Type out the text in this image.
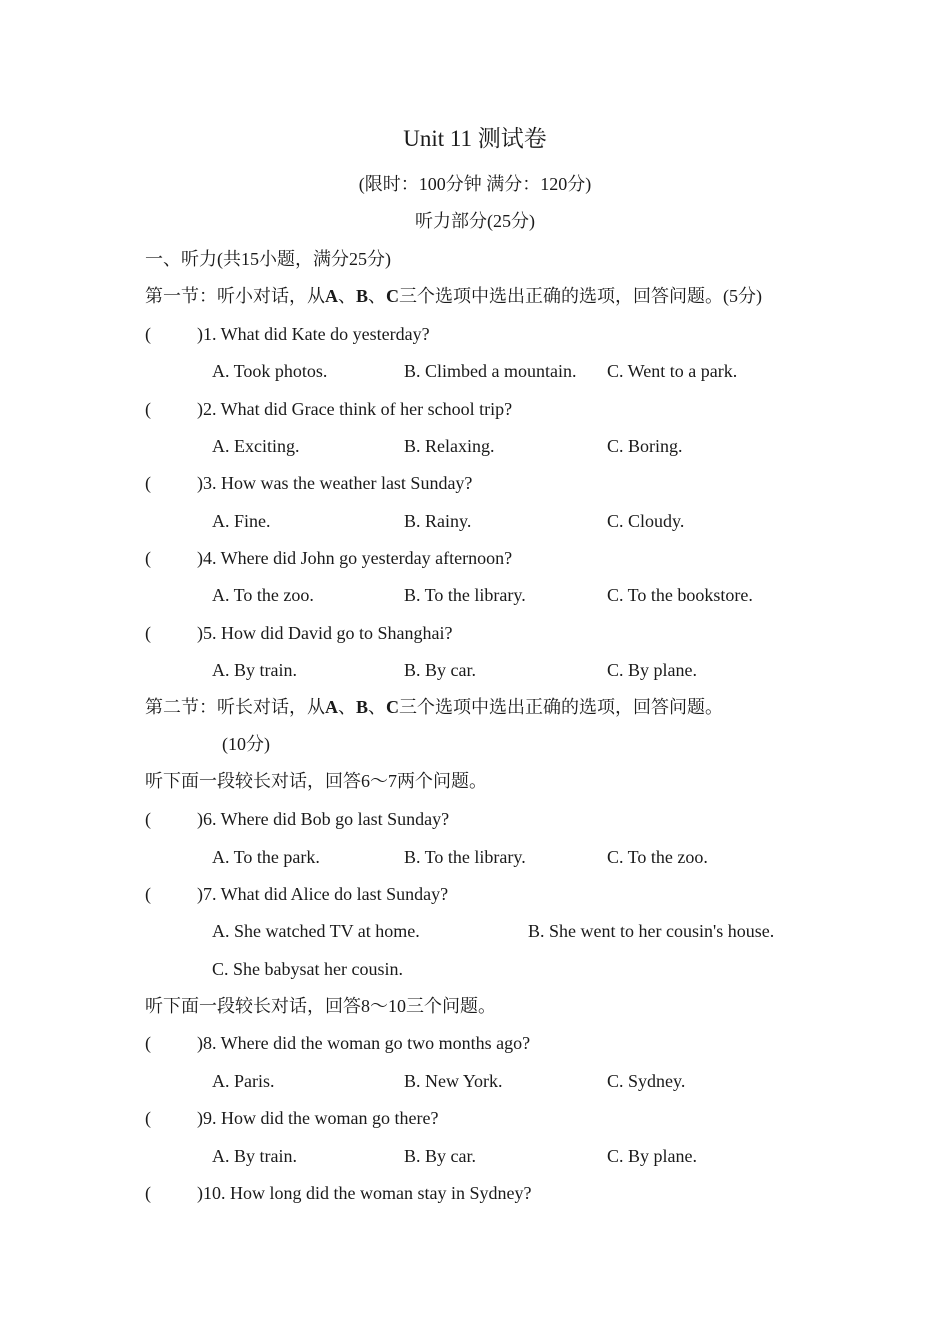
Unit 11 测试卷
(限时：100分钟 满分：120分)
听力部分(25分)
一、听力(共15小题，满分25分)
第一节：听小对话，从A、B、C三个选项中选出正确的选项，回答问题。(5分)
(	)1. What did Kate do yesterday?
A. Took photos.	B. Climbed a mountain. C. Went to a park.
(	)2. What did Grace think of her school trip?
A. Exciting.	B. Relaxing.	C. Boring.
(	)3. How was the weather last Sunday?
A. Fine.	B. Rainy.	C. Cloudy.
(	)4. Where did John go yesterday afternoon?
A. To the zoo.	B. To the library.	C. To the bookstore.
(	)5. How did David go to Shanghai?
A. By train.	B. By car.	C. By plane.
第二节：听长对话，从A、B、C三个选项中选出正确的选项，回答问题。
(10分)
听下面一段较长对话，回答6～7两个问题。
(	)6. Where did Bob go last Sunday?
A. To the park.	B. To the library.	C. To the zoo.
(	)7. What did Alice do last Sunday?
A. She watched TV at home.	B. She went to her cousin's house.
C. She babysat her cousin.
听下面一段较长对话，回答8～10三个问题。
(	)8. Where did the woman go two months ago?
A. Paris.	B. New York.	C. Sydney.
(	)9. How did the woman go there?
A. By train.	B. By car.	C. By plane.
(	)10. How long did the woman stay in Sydney?
